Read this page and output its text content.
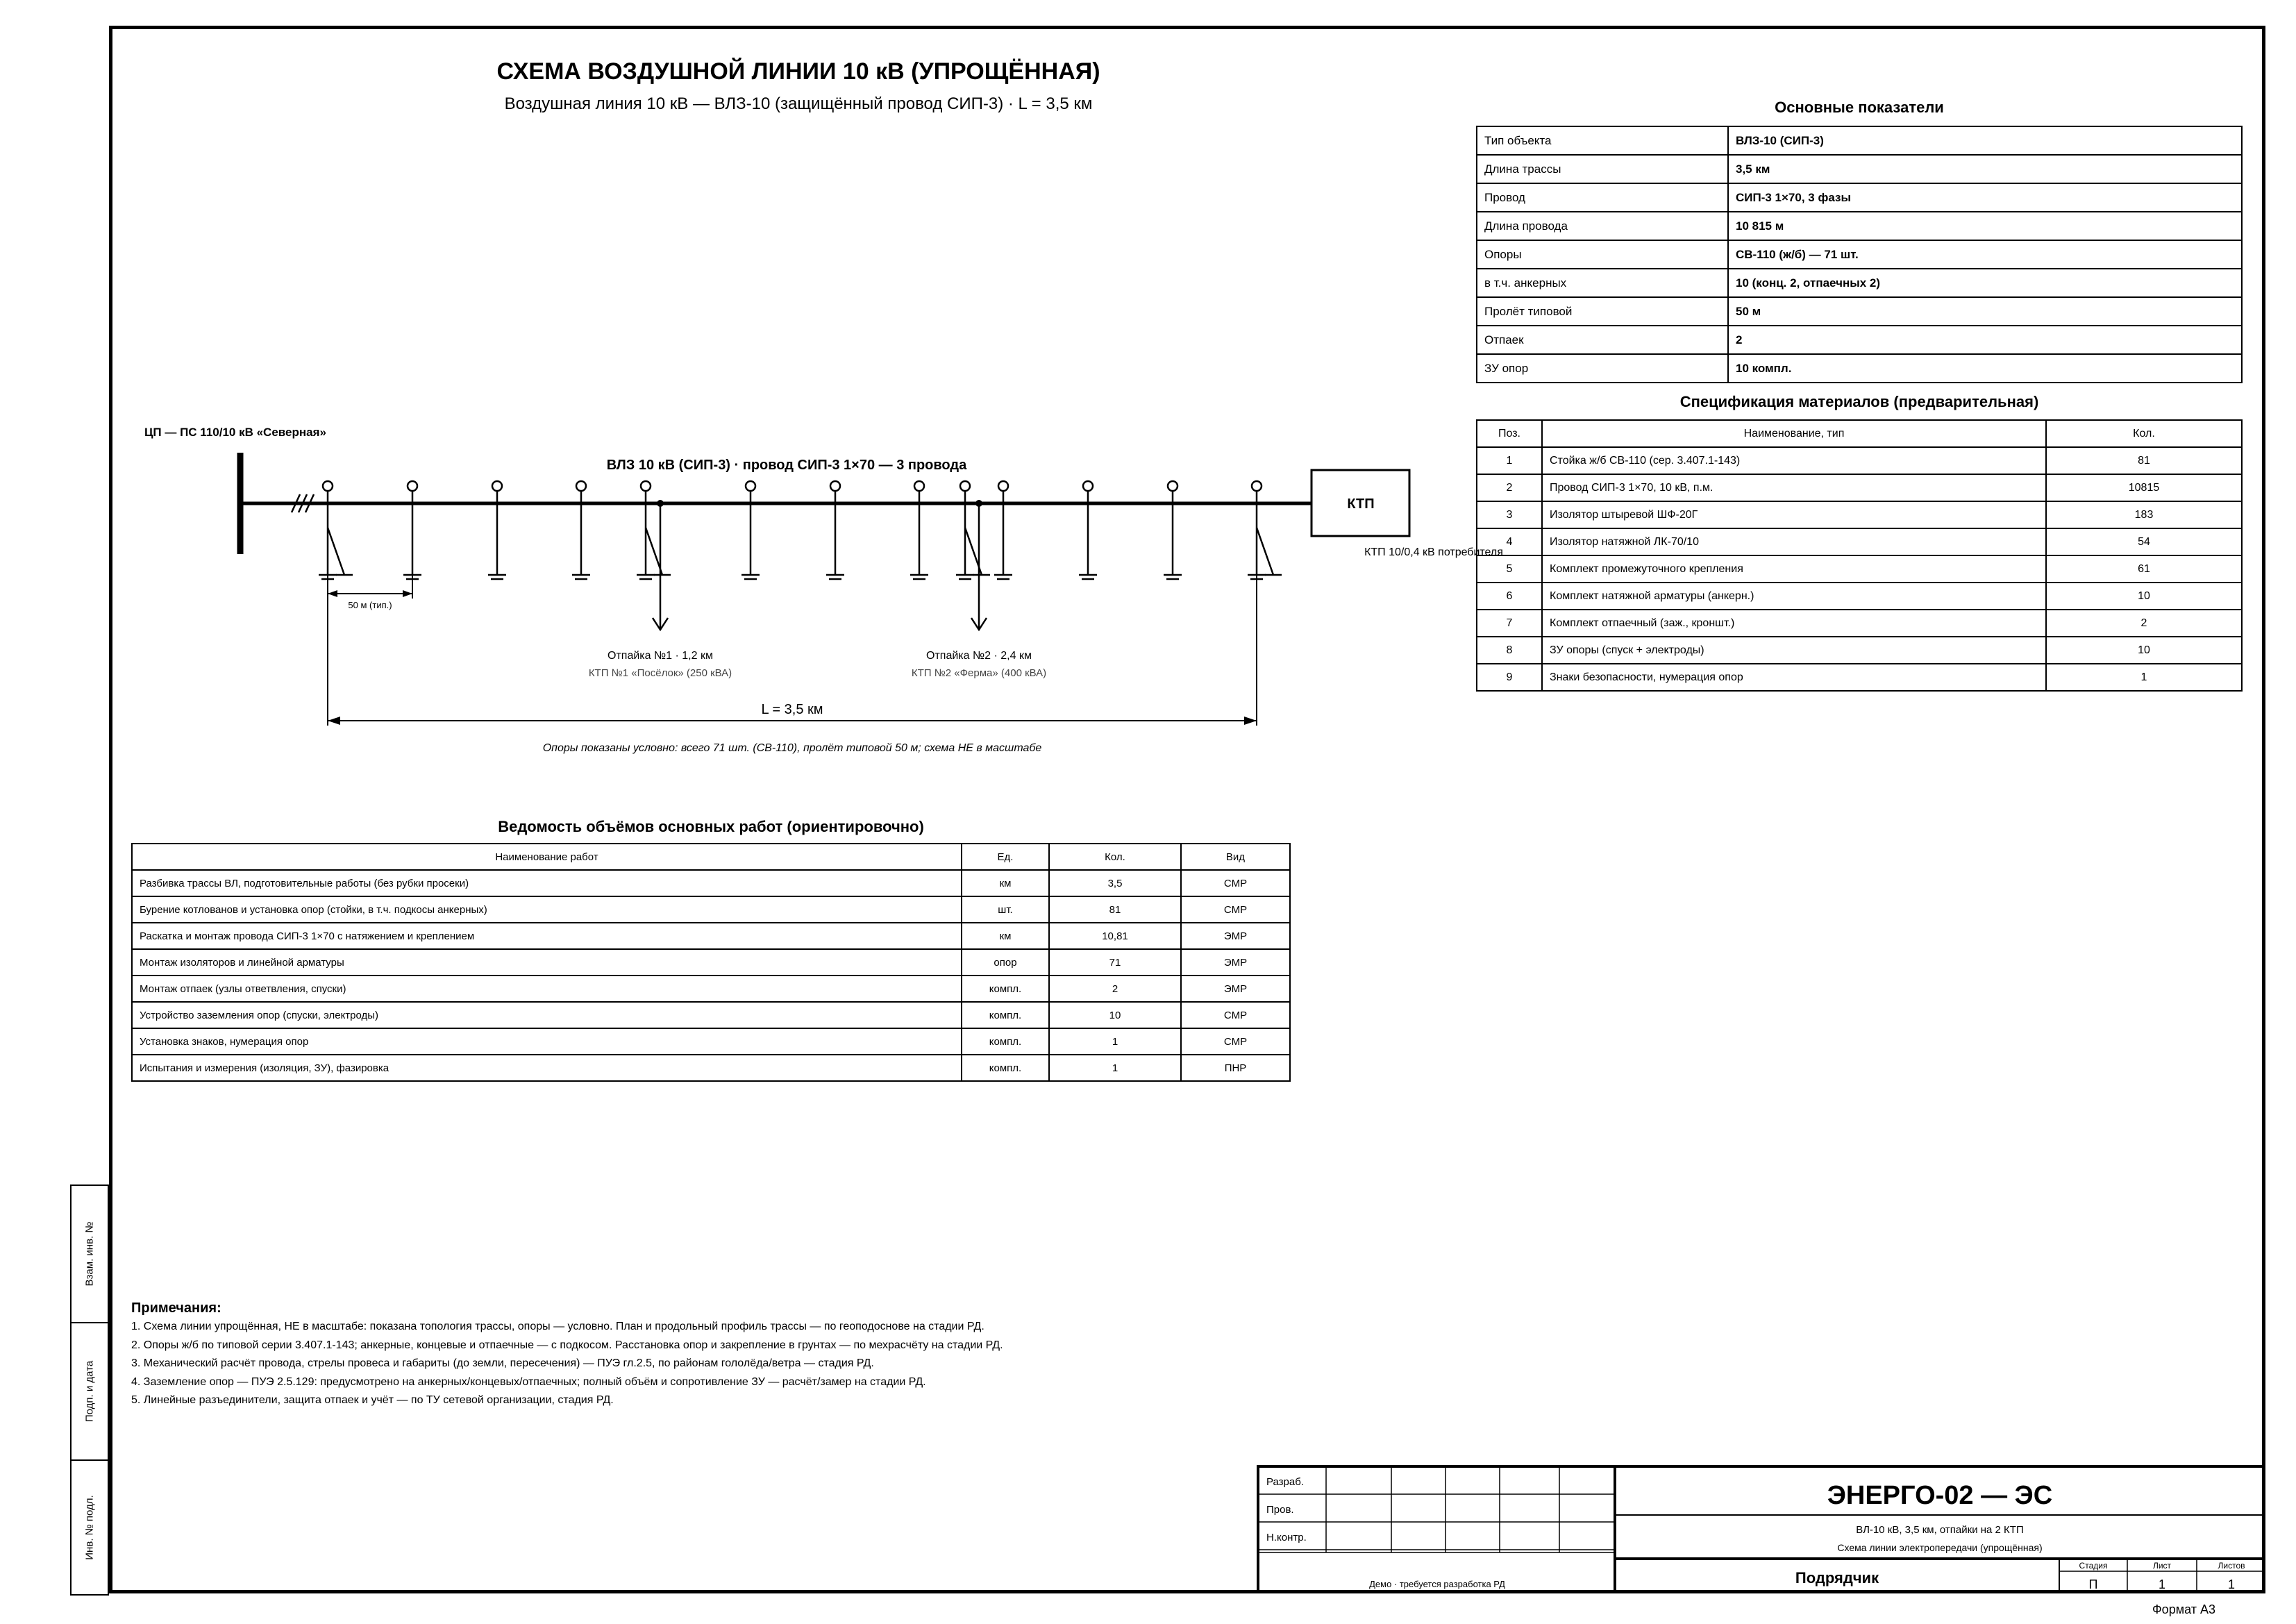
Взам. инв. №
Подп. и дата
Инв. № подл.
СХЕМА ВОЗДУШНОЙ ЛИНИИ 10 кВ (УПРОЩЁННАЯ)
Воздушная линия 10 кВ — ВЛЗ-10 (защищённый провод СИП-3) · L = 3,5 км	Основные показатели
Тип объекта	ВЛЗ-10 (СИП-3)
Длина трассы	3,5 км
Провод	СИП-3 1×70, 3 фазы
Длина провода	10 815 м
Опоры	СВ-110 (ж/б) — 71 шт.
в т.ч. анкерных	10 (конц. 2, отпаечных 2)
Пролёт типовой	50 м
Отпаек	2
ЗУ опор	10 компл.
Спецификация материалов (предварительная)
Поз.	Наименование, тип	Кол.
1	Стойка ж/б СВ-110 (сер. 3.407.1-143)	81
2	Провод СИП-3 1×70, 10 кВ, п.м.	10815
3	Изолятор штыревой ШФ-20Г	183
4	Изолятор натяжной ЛК-70/10	54
5	Комплект промежуточного крепления	61
6	Комплект натяжной арматуры (анкерн.)	10
7	Комплект отпаечный (заж., кроншт.)	2
8	ЗУ опоры (спуск + электроды)	10
9	Знаки безопасности, нумерация опор	1
Ведомость объёмов основных работ (ориентировочно)
Наименование работ	Ед.	Кол.	Вид
Разбивка трассы ВЛ, подготовительные работы (без рубки просеки)	км	3,5	СМР
Бурение котлованов и установка опор (стойки, в т.ч. подкосы анкерных)	шт.	81	СМР
Раскатка и монтаж провода СИП-3 1×70 с натяжением и креплением	км	10,81	ЭМР
Монтаж изоляторов и линейной арматуры	опор	71	ЭМР
Монтаж отпаек (узлы ответвления, спуски)	компл.	2	ЭМР
Устройство заземления опор (спуски, электроды)	компл.	10	СМР
Установка знаков, нумерация опор	компл.	1	СМР
Испытания и измерения (изоляция, ЗУ), фазировка	компл.	1	ПНР
ЦП — ПС 110/10 кВ «Северная»
ВЛЗ 10 кВ (СИП-3) · провод СИП-3 1×70 — 3 провода
КТП
КТП 10/0,4 кВ потребителя
50 м (тип.)
Отпайка №1 · 1,2 км
КТП №1 «Посёлок» (250 кВА)
Отпайка №2 · 2,4 км
КТП №2 «Ферма» (400 кВА)
L = 3,5 км
Опоры показаны условно: всего 71 шт. (СВ-110), пролёт типовой 50 м; схема НЕ в масштабе
Примечания:
1. Схема линии упрощённая, НЕ в масштабе: показана топология трассы, опоры — условно. План и продольный профиль трассы — по геоподоснове на стадии РД.
2. Опоры ж/б по типовой серии 3.407.1-143; анкерные, концевые и отпаечные — с подкосом. Расстановка опор и закрепление в грунтах — по мехрасчёту на стадии РД.
3. Механический расчёт провода, стрелы провеса и габариты (до земли, пересечения) — ПУЭ гл.2.5, по районам гололёда/ветра — стадия РД.
4. Заземление опор — ПУЭ 2.5.129: предусмотрено на анкерных/концевых/отпаечных; полный объём и сопротивление ЗУ — расчёт/замер на стадии РД.
5. Линейные разъединители, защита отпаек и учёт — по ТУ сетевой организации, стадия РД.
Разраб.
Пров.
Н.контр.
Демо · требуется разработка РД
ЭНЕРГО-02 — ЭС
ВЛ-10 кВ, 3,5 км, отпайки на 2 КТП
Схема линии электропередачи (упрощённая)
Подрядчик
Стадия	Лист	Листов
П	1	1
Формат А3
